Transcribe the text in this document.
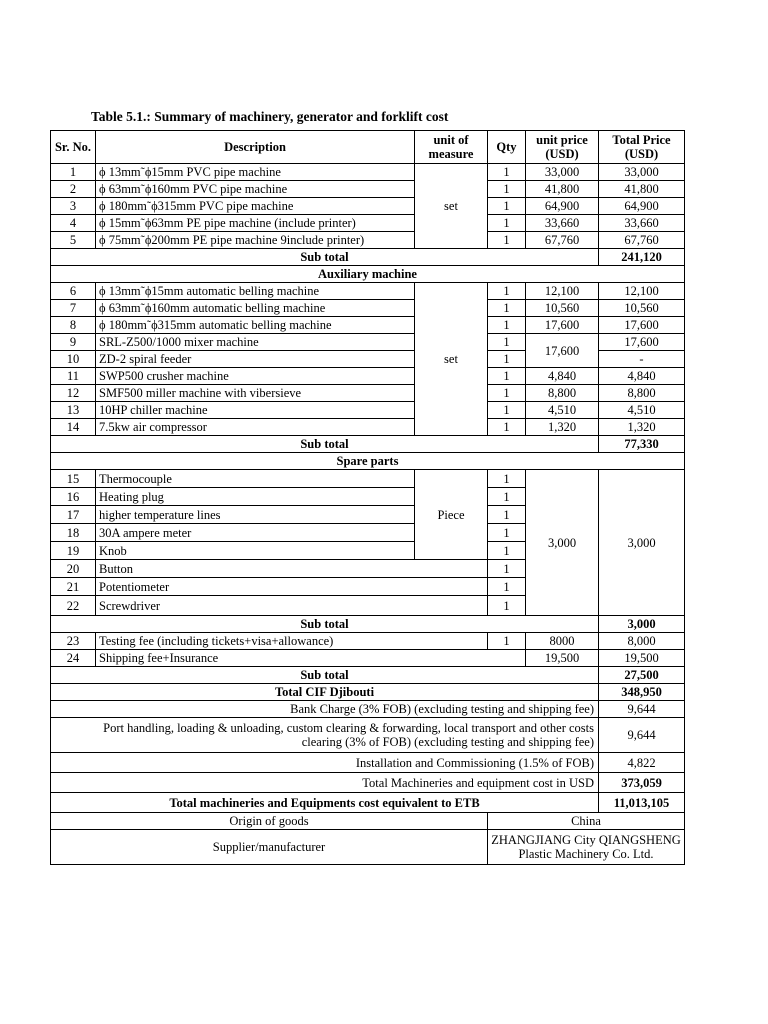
Table 5.1.: Summary of machinery, generator and forklift cost
Sr. No.	Description	unit of measure	Qty	unit price (USD)	Total Price (USD)
1	ϕ 13mm˜ϕ15mm PVC pipe machine	set	1	33,000	33,000
2	ϕ 63mm˜ϕ160mm PVC pipe machine		1	41,800	41,800
3	ϕ 180mm˜ϕ315mm PVC pipe machine		1	64,900	64,900
4	ϕ 15mm˜ϕ63mm PE pipe machine (include printer)		1	33,660	33,660
5	ϕ 75mm˜ϕ200mm PE pipe machine 9include printer)		1	67,760	67,760
Sub total					241,120
Auxiliary machine					
6	ϕ 13mm˜ϕ15mm automatic belling machine	set	1	12,100	12,100
7	ϕ 63mm˜ϕ160mm automatic belling machine		1	10,560	10,560
8	ϕ 180mm˜ϕ315mm automatic belling machine		1	17,600	17,600
9	SRL-Z500/1000 mixer machine		1	17,600	17,600
10	ZD-2 spiral feeder		1		-
11	SWP500 crusher machine		1	4,840	4,840
12	SMF500 miller machine with vibersieve		1	8,800	8,800
13	10HP chiller machine		1	4,510	4,510
14	7.5kw air compressor		1	1,320	1,320
Sub total					77,330
Spare parts					
15	Thermocouple	Piece	1	3,000	3,000
16	Heating plug		1		
17	higher temperature lines		1		
18	30A ampere meter		1		
19	Knob		1		
20	Button		1		
21	Potentiometer		1		
22	Screwdriver		1		
Sub total					3,000
23	Testing fee (including tickets+visa+allowance)		1	8000	8,000
24	Shipping fee+Insurance			19,500	19,500
Sub total					27,500
Total CIF Djibouti					348,950
Bank Charge (3% FOB) (excluding testing and shipping fee)					9,644
Port handling, loading & unloading, custom clearing & forwarding, local transport and other costs clearing (3% of FOB) (excluding testing and shipping fee)					9,644
Installation and Commissioning (1.5% of FOB)					4,822
Total Machineries and equipment cost in USD					373,059
Total machineries and Equipments cost equivalent to ETB					11,013,105
Origin of goods			China		
Supplier/manufacturer			ZHANGJIANG City QIANGSHENG Plastic Machinery Co. Ltd.		
